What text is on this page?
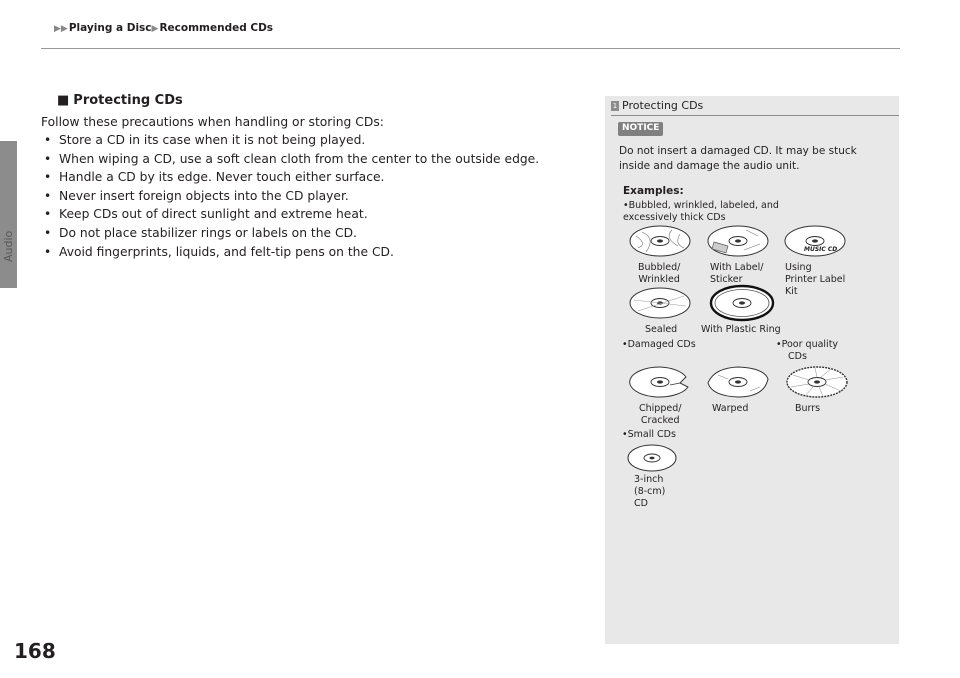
Audio
▶▶Playing a Disc▶Recommended CDs
■ Protecting CDs
Follow these precautions when handling or storing CDs:
• Store a CD in its case when it is not being played.
• When wiping a CD, use a soft clean cloth from the center to the outside edge.
• Handle a CD by its edge. Never touch either surface.
• Never insert foreign objects into the CD player.
• Keep CDs out of direct sunlight and extreme heat.
• Do not place stabilizer rings or labels on the CD.
• Avoid fingerprints, liquids, and felt-tip pens on the CD.
168
1 Protecting CDs
NOTICE
Do not insert a damaged CD. It may be stuck inside and damage the audio unit.
Examples:
•Bubbled, wrinkled, labeled, and excessively thick CDs
MUSIC CD
Bubbled/
Wrinkled
With Label/
Sticker
Using
Printer Label
Kit
Sealed	With Plastic Ring
•Damaged CDs	•Poor quality
CDs
Chipped/
Cracked
Warped	Burrs
•Small CDs
3-inch
(8-cm)
CD
